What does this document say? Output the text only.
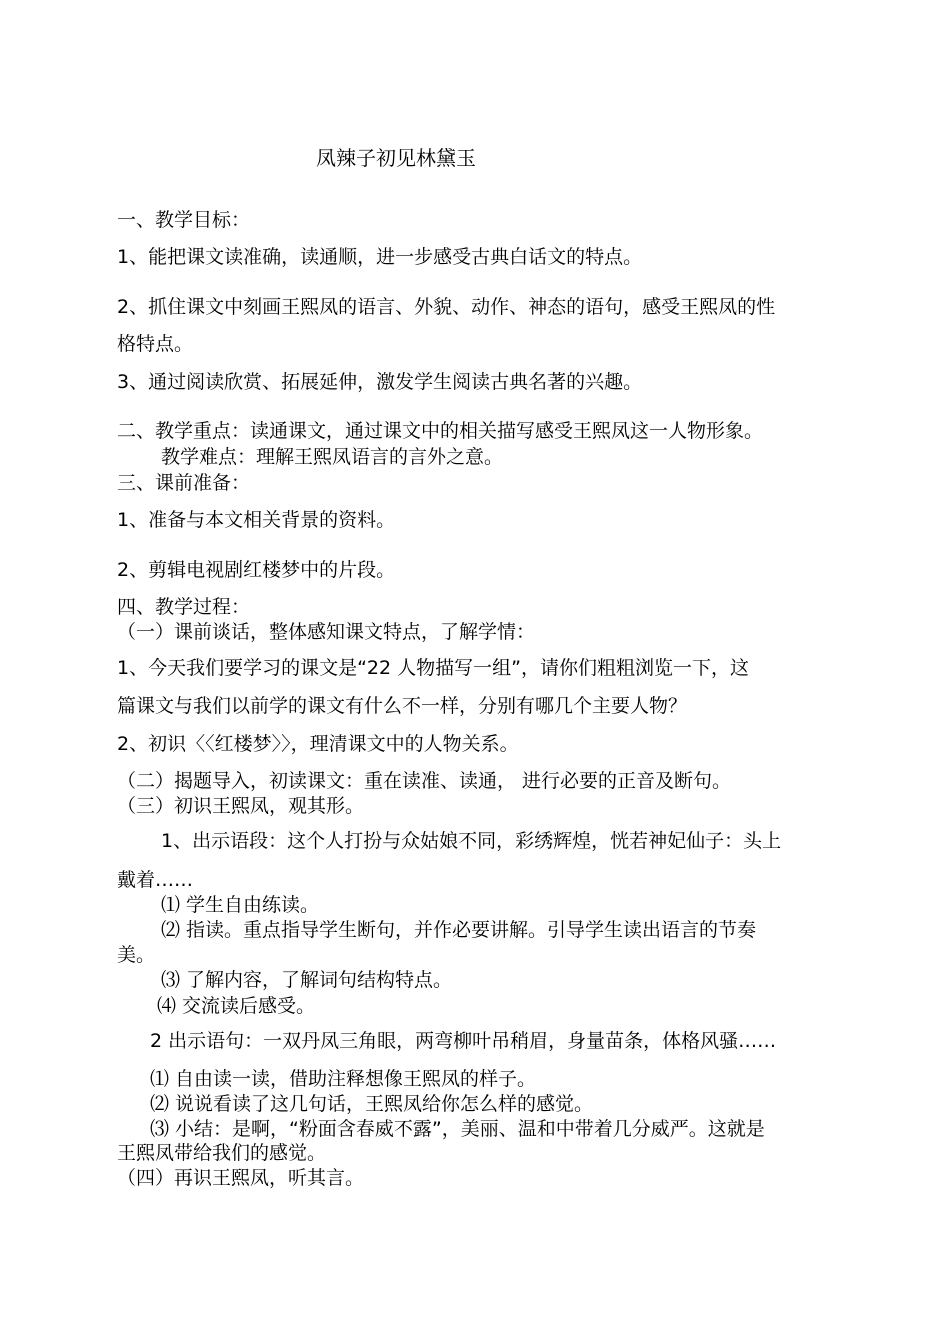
凤辣子初见林黛玉

一、教学目标：

1、能把课文读准确，读通顺，进一步感受古典白话文的特点。

2、抓住课文中刻画王熙凤的语言、外貌、动作、神态的语句，感受王熙凤的性

格特点。

3、通过阅读欣赏、拓展延伸，激发学生阅读古典名著的兴趣。

二、教学重点：读通课文，通过课文中的相关描写感受王熙凤这一人物形象。

教学难点：理解王熙凤语言的言外之意。

三、课前准备：

1、准备与本文相关背景的资料。

2、剪辑电视剧红楼梦中的片段。

四、教学过程：

（一）课前谈话，整体感知课文特点，了解学情：

1、今天我们要学习的课文是“22 人物描写一组”，请你们粗粗浏览一下，这

篇课文与我们以前学的课文有什么不一样，分别有哪几个主要人物？

2、初识〈〈红楼梦〉〉，理清课文中的人物关系。

（二）揭题导入，初读课文：重在读准、读通， 进行必要的正音及断句。

（三）初识王熙凤，观其形。

1、出示语段：这个人打扮与众姑娘不同，彩绣辉煌，恍若神妃仙子：头上

戴着……

⑴ 学生自由练读。

⑵ 指读。重点指导学生断句，并作必要讲解。引导学生读出语言的节奏

美。

⑶ 了解内容，了解词句结构特点。

⑷ 交流读后感受。

2 出示语句：一双丹凤三角眼，两弯柳叶吊稍眉，身量苗条，体格风骚……

⑴ 自由读一读，借助注释想像王熙凤的样子。

⑵ 说说看读了这几句话，王熙凤给你怎么样的感觉。

⑶ 小结：是啊，“粉面含春威不露”，美丽、温和中带着几分威严。这就是

王熙凤带给我们的感觉。

（四）再识王熙凤，听其言。
